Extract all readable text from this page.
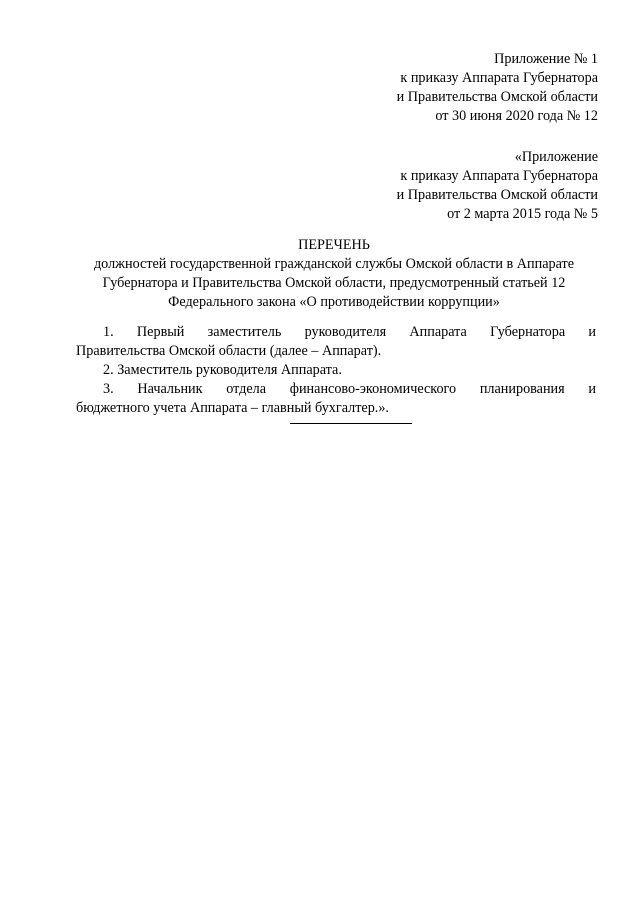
Приложение № 1
к приказу Аппарата Губернатора
и Правительства Омской области
от 30 июня 2020 года № 12
«Приложение
к приказу Аппарата Губернатора
и Правительства Омской области
от 2 марта 2015 года № 5
ПЕРЕЧЕНЬ
должностей государственной гражданской службы Омской области в Аппарате
Губернатора и Правительства Омской области, предусмотренный статьей 12
Федерального закона «О противодействии коррупции»
1. Первый заместитель руководителя Аппарата Губернатора и
Правительства Омской области (далее – Аппарат).
2. Заместитель руководителя Аппарата.
3. Начальник отдела финансово-экономического планирования и
бюджетного учета Аппарата – главный бухгалтер.».
